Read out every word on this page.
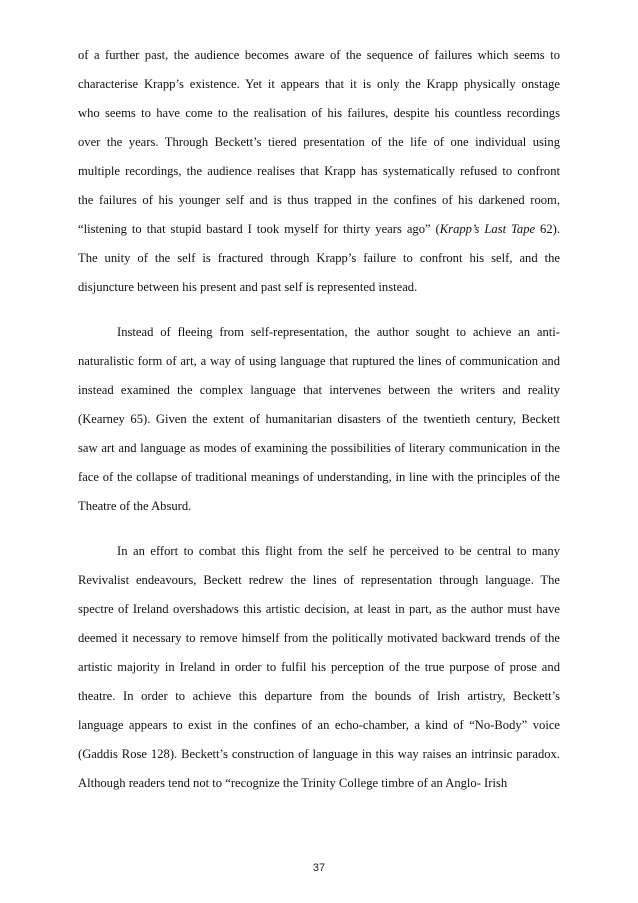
of a further past, the audience becomes aware of the sequence of failures which seems to
characterise Krapp’s existence. Yet it appears that it is only the Krapp physically onstage
who seems to have come to the realisation of his failures, despite his countless recordings
over the years. Through Beckett’s tiered presentation of the life of one individual using
multiple recordings, the audience realises that Krapp has systematically refused to confront
the failures of his younger self and is thus trapped in the confines of his darkened room,
“listening to that stupid bastard I took myself for thirty years ago” (Krapp’s Last Tape 62).
The unity of the self is fractured through Krapp’s failure to confront his self, and the
disjuncture between his present and past self is represented instead.
Instead of fleeing from self-representation, the author sought to achieve an anti-
naturalistic form of art, a way of using language that ruptured the lines of communication and
instead examined the complex language that intervenes between the writers and reality
(Kearney 65). Given the extent of humanitarian disasters of the twentieth century, Beckett
saw art and language as modes of examining the possibilities of literary communication in the
face of the collapse of traditional meanings of understanding, in line with the principles of the
Theatre of the Absurd.
In an effort to combat this flight from the self he perceived to be central to many
Revivalist endeavours, Beckett redrew the lines of representation through language. The
spectre of Ireland overshadows this artistic decision, at least in part, as the author must have
deemed it necessary to remove himself from the politically motivated backward trends of the
artistic majority in Ireland in order to fulfil his perception of the true purpose of prose and
theatre. In order to achieve this departure from the bounds of Irish artistry, Beckett’s
language appears to exist in the confines of an echo-chamber, a kind of “No-Body” voice
(Gaddis Rose 128). Beckett’s construction of language in this way raises an intrinsic paradox.
Although readers tend not to “recognize the Trinity College timbre of an Anglo- Irish
37
